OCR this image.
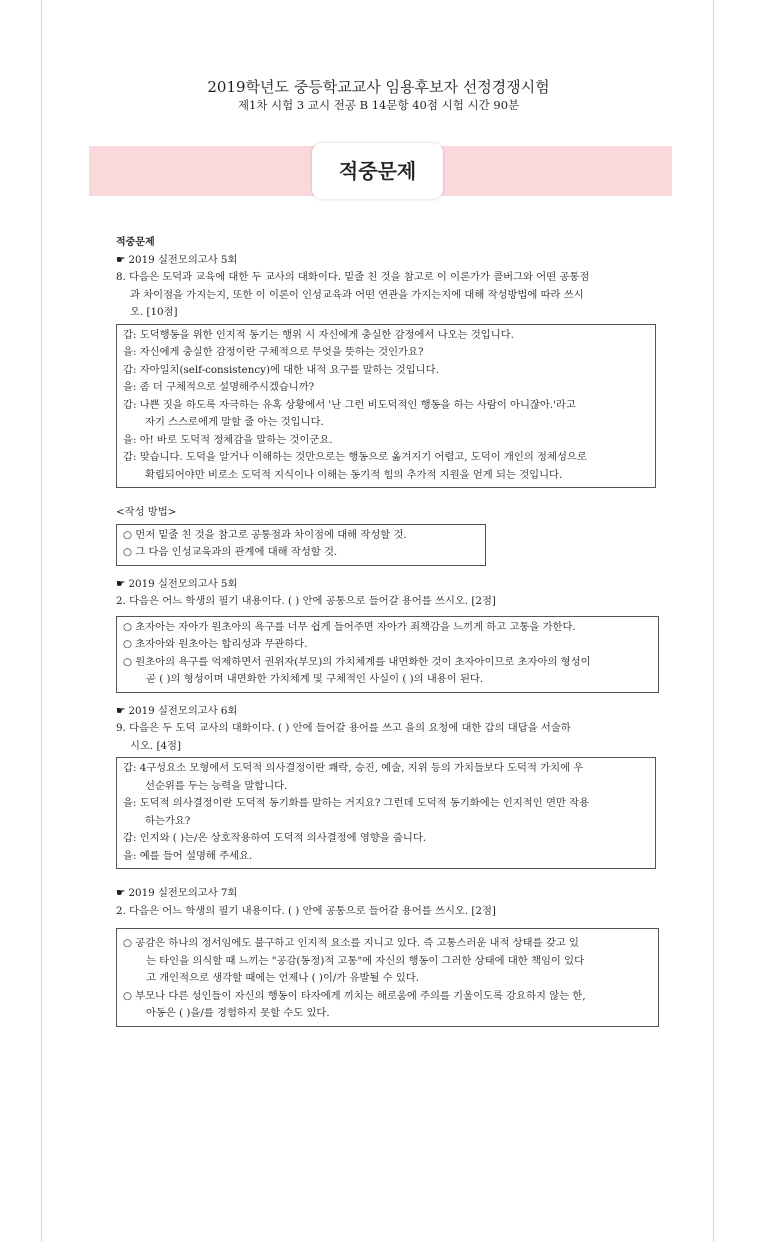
2019학년도 중등학교교사 임용후보자 선정경쟁시험
제1차 시험 3 교시 전공 B 14문항 40점 시험 시간 90분
적중문제
적중문제
☛ 2019 실전모의고사 5회
8. 다음은 도덕과 교육에 대한 두 교사의 대화이다. 밑줄 친 것을 참고로 이 이론가가 콜버그와 어떤 공통점
과 차이점을 가지는지, 또한 이 이론이 인성교육과 어떤 연관을 가지는지에 대해 작성방법에 따라 쓰시
오. [10점]
갑: 도덕행동을 위한 인지적 동기는 행위 시 자신에게 충실한 감정에서 나오는 것입니다.
을: 자신에게 충실한 감정이란 구체적으로 무엇을 뜻하는 것인가요?
갑: 자아일치(self-consistency)에 대한 내적 요구를 말하는 것입니다.
을: 좀 더 구체적으로 설명해주시겠습니까?
갑: 나쁜 짓을 하도록 자극하는 유혹 상황에서 '난 그런 비도덕적인 행동을 하는 사람이 아니잖아.'라고
자기 스스로에게 말할 줄 아는 것입니다.
을: 아! 바로 도덕적 정체감을 말하는 것이군요.
갑: 맞습니다. 도덕을 알거나 이해하는 것만으로는 행동으로 옮겨지기 어렵고, 도덕이 개인의 정체성으로
확립되어야만 비로소 도덕적 지식이나 이해는 동기적 힘의 추가적 지원을 얻게 되는 것입니다.
<작성 방법>
○ 먼저 밑줄 친 것을 참고로 공통점과 차이점에 대해 작성할 것.
○ 그 다음 인성교육과의 관계에 대해 작성할 것.
☛ 2019 실전모의고사 5회
2. 다음은 어느 학생의 필기 내용이다. ( ) 안에 공통으로 들어갈 용어를 쓰시오. [2점]
○ 초자아는 자아가 원초아의 욕구를 너무 쉽게 들어주면 자아가 죄책감을 느끼게 하고 고통을 가한다.
○ 초자아와 원초아는 합리성과 무관하다.
○ 원초아의 욕구를 억제하면서 권위자(부모)의 가치체계를 내면화한 것이 초자아이므로 초자아의 형성이
곧 ( )의 형성이며 내면화한 가치체계 및 구체적인 사실이 ( )의 내용이 된다.
☛ 2019 실전모의고사 6회
9. 다음은 두 도덕 교사의 대화이다. ( ) 안에 들어갈 용어를 쓰고 을의 요청에 대한 갑의 대답을 서술하
시오. [4점]
갑: 4구성요소 모형에서 도덕적 의사결정이란 쾌락, 승진, 예술, 지위 등의 가치들보다 도덕적 가치에 우
선순위를 두는 능력을 말합니다.
을: 도덕적 의사결정이란 도덕적 동기화를 말하는 거지요? 그런데 도덕적 동기화에는 인지적인 면만 작용
하는가요?
갑: 인지와 ( )는/은 상호작용하여 도덕적 의사결정에 영향을 줍니다.
을: 예를 들어 설명해 주세요.
☛ 2019 실전모의고사 7회
2. 다음은 어느 학생의 필기 내용이다. ( ) 안에 공통으로 들어갈 용어를 쓰시오. [2점]
○ 공감은 하나의 정서임에도 불구하고 인지적 요소를 지니고 있다. 즉 고통스러운 내적 상태를 갖고 있
는 타인을 의식할 때 느끼는 "공감(동정)적 고통"에 자신의 행동이 그러한 상태에 대한 책임이 있다
고 개인적으로 생각할 때에는 언제나 ( )이/가 유발될 수 있다.
○ 부모나 다른 성인들이 자신의 행동이 타자에게 끼치는 해로움에 주의를 기울이도록 강요하지 않는 한,
아동은 ( )을/를 경험하지 못할 수도 있다.
